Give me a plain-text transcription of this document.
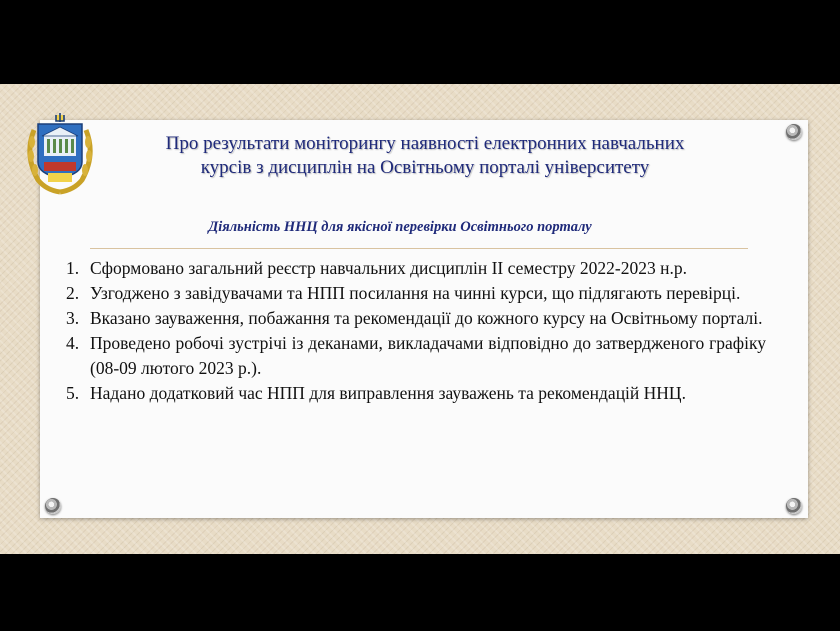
Про результати моніторингу наявності електронних навчальних
курсів з дисциплін на Освітньому порталі університету
Діяльність ННЦ для якісної перевірки Освітнього порталу
1. Сформовано загальний реєстр навчальних дисциплін ІІ семестру 2022-2023 н.р.
2. Узгоджено з завідувачами та НПП посилання на чинні курси, що підлягають перевірці.
3. Вказано зауваження, побажання та рекомендації до кожного курсу на Освітньому порталі.
4. Проведено робочі зустрічі із деканами, викладачами відповідно до затвердженого графіку (08-09 лютого 2023 р.).
5. Надано додатковий час НПП для виправлення зауважень та рекомендацій ННЦ.
